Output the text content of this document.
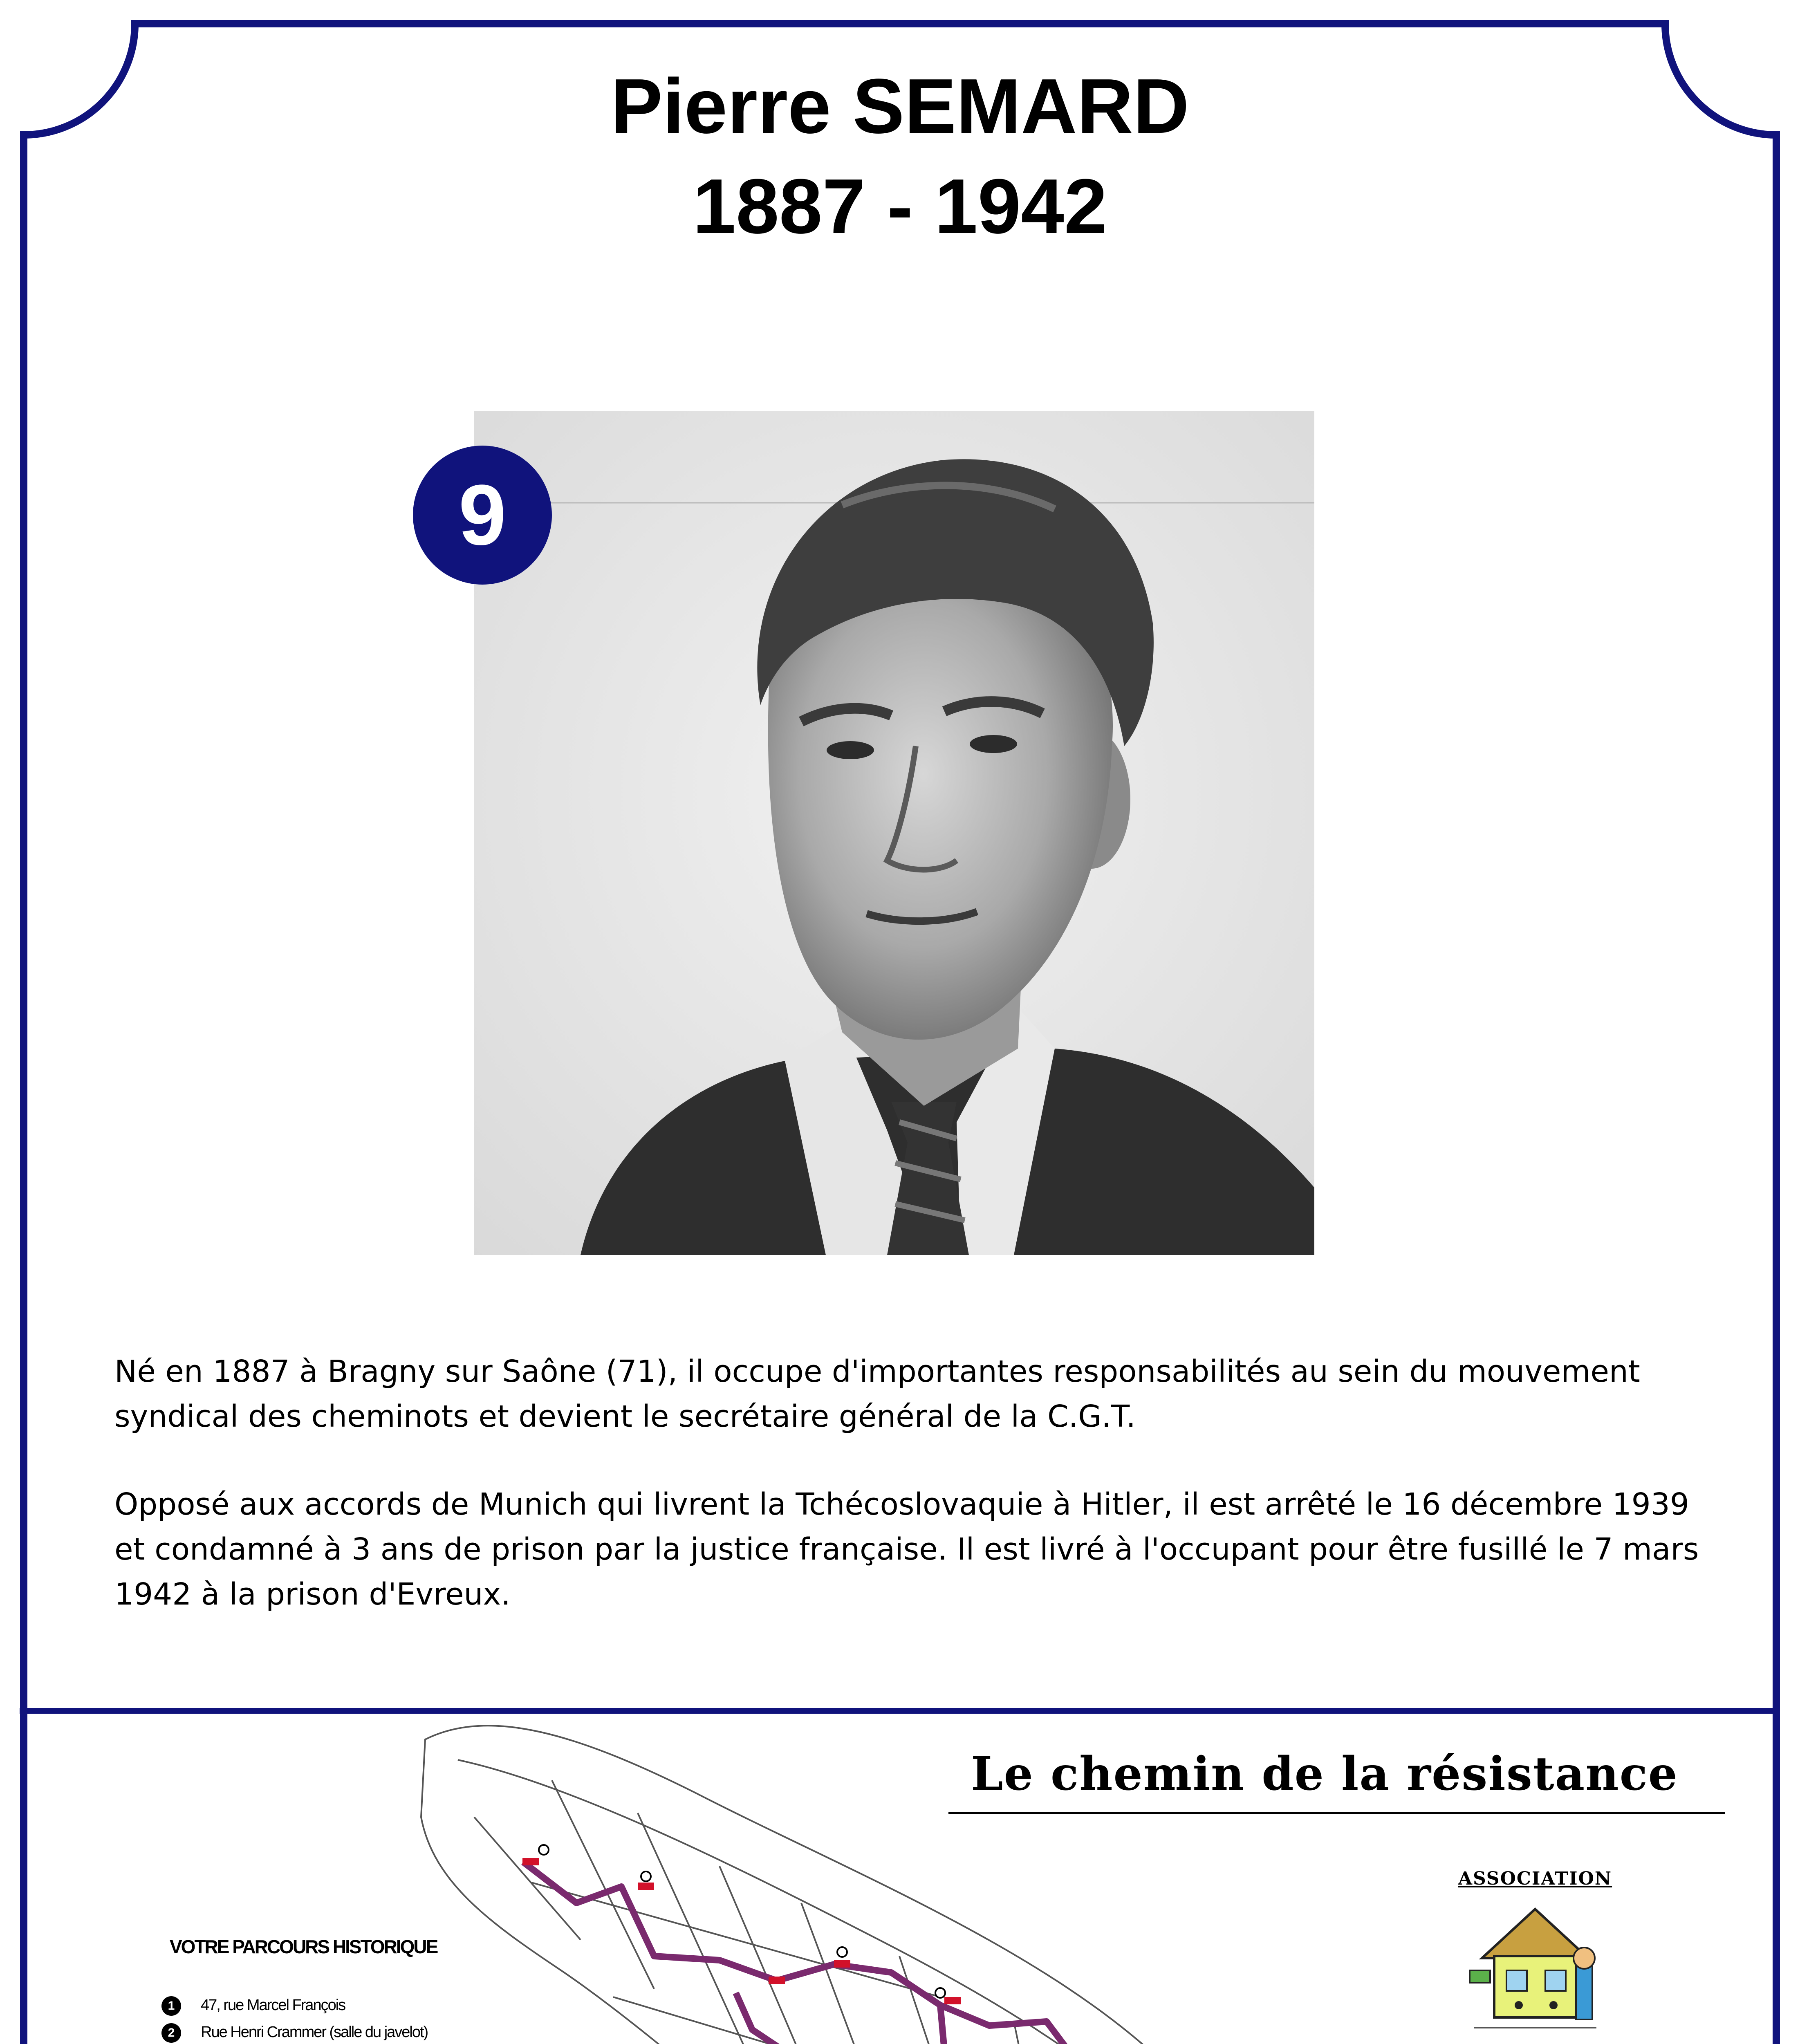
Pierre SEMARD
1887 - 1942
9

Né en 1887 à Bragny sur Saône (71), il occupe d'importantes responsabilités au sein du mouvement syndical des cheminots et devient le secrétaire général de la C.G.T.

Opposé aux accords de Munich qui livrent la Tchécoslovaquie à Hitler, il est arrêté le 16 décembre 1939 et condamné à 3 ans de prison par la justice française. Il est livré à l'occupant pour être fusillé le 7 mars 1942 à la prison d'Evreux.

Le chemin de la résistance
VOTRE PARCOURS HISTORIQUE
1 47, rue Marcel François
2 Rue Henri Crammer (salle du javelot)
ASSOCIATION
